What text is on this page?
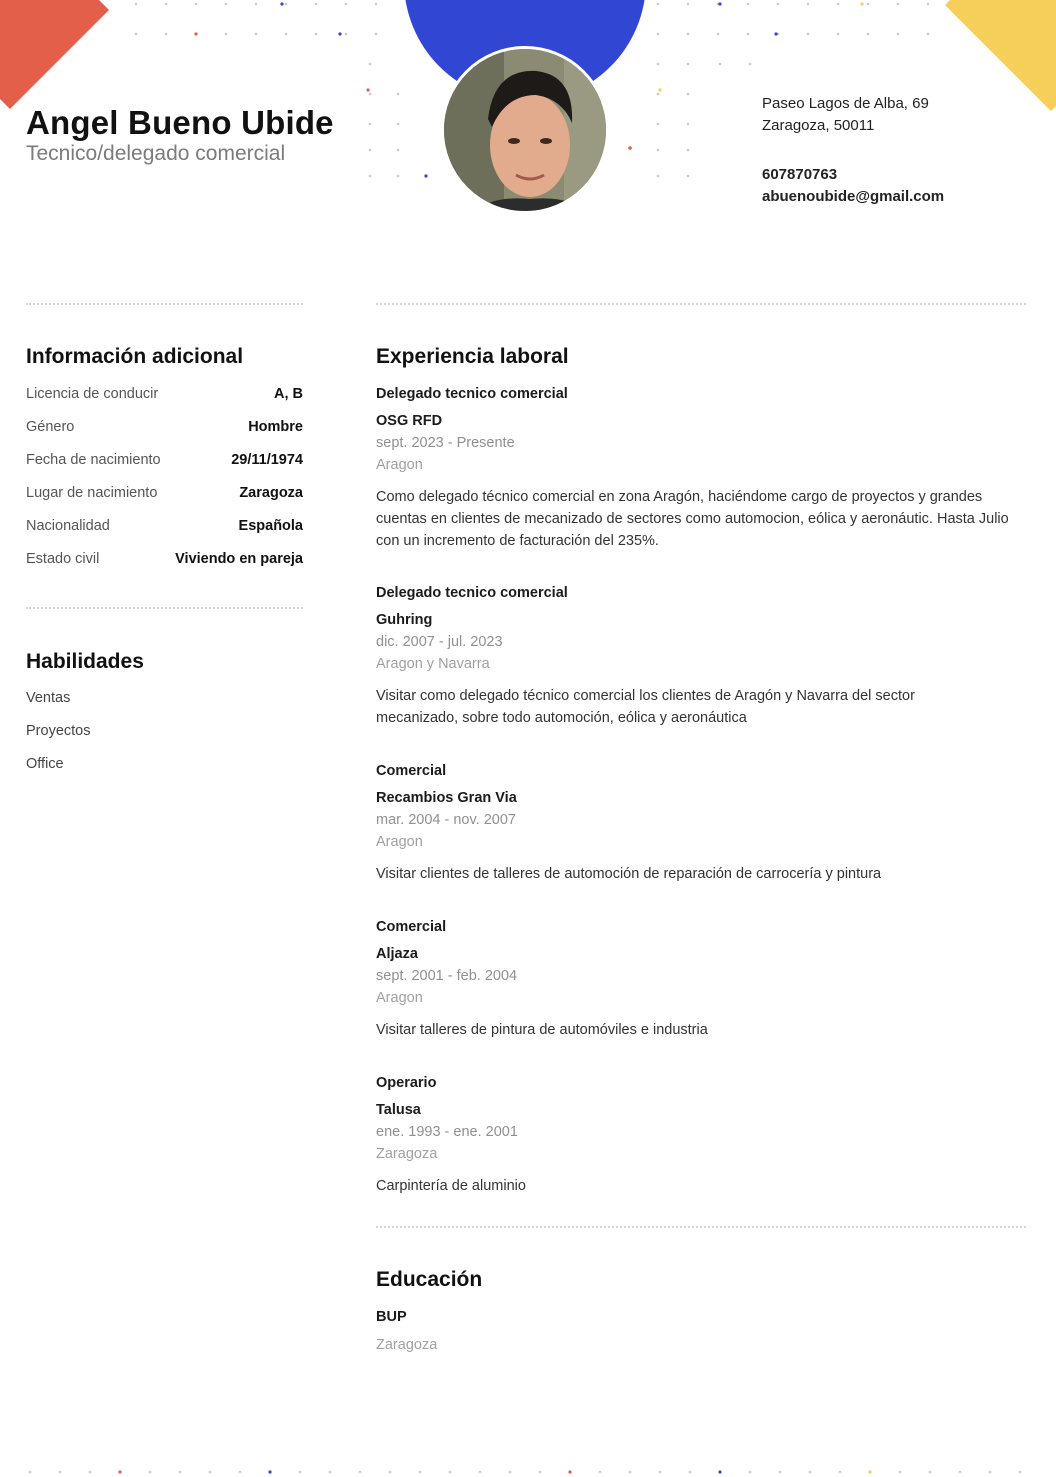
Angel Bueno Ubide
Tecnico/delegado comercial
Paseo Lagos de Alba, 69
Zaragoza, 50011
607870763
abuenoubide@gmail.com
Información adicional
Licencia de conducir	A, B
Género	Hombre
Fecha de nacimiento	29/11/1974
Lugar de nacimiento	Zaragoza
Nacionalidad	Española
Estado civil	Viviendo en pareja
Habilidades
Ventas
Proyectos
Office
Experiencia laboral
Delegado tecnico comercial
OSG RFD
sept. 2023 - Presente
Aragon
Como delegado técnico comercial en zona Aragón, haciéndome cargo de proyectos y grandes cuentas en clientes de mecanizado de sectores como automocion, eólica y aeronáutic. Hasta Julio con un incremento de facturación del 235%.
Delegado tecnico comercial
Guhring
dic. 2007 - jul. 2023
Aragon y Navarra
Visitar como delegado técnico comercial los clientes de Aragón y Navarra del sector mecanizado, sobre todo automoción, eólica y aeronáutica
Comercial
Recambios Gran Via
mar. 2004 - nov. 2007
Aragon
Visitar clientes de talleres de automoción de reparación de carrocería y pintura
Comercial
Aljaza
sept. 2001 - feb. 2004
Aragon
Visitar talleres de pintura de automóviles e industria
Operario
Talusa
ene. 1993 - ene. 2001
Zaragoza
Carpintería de aluminio
Educación
BUP
Zaragoza
